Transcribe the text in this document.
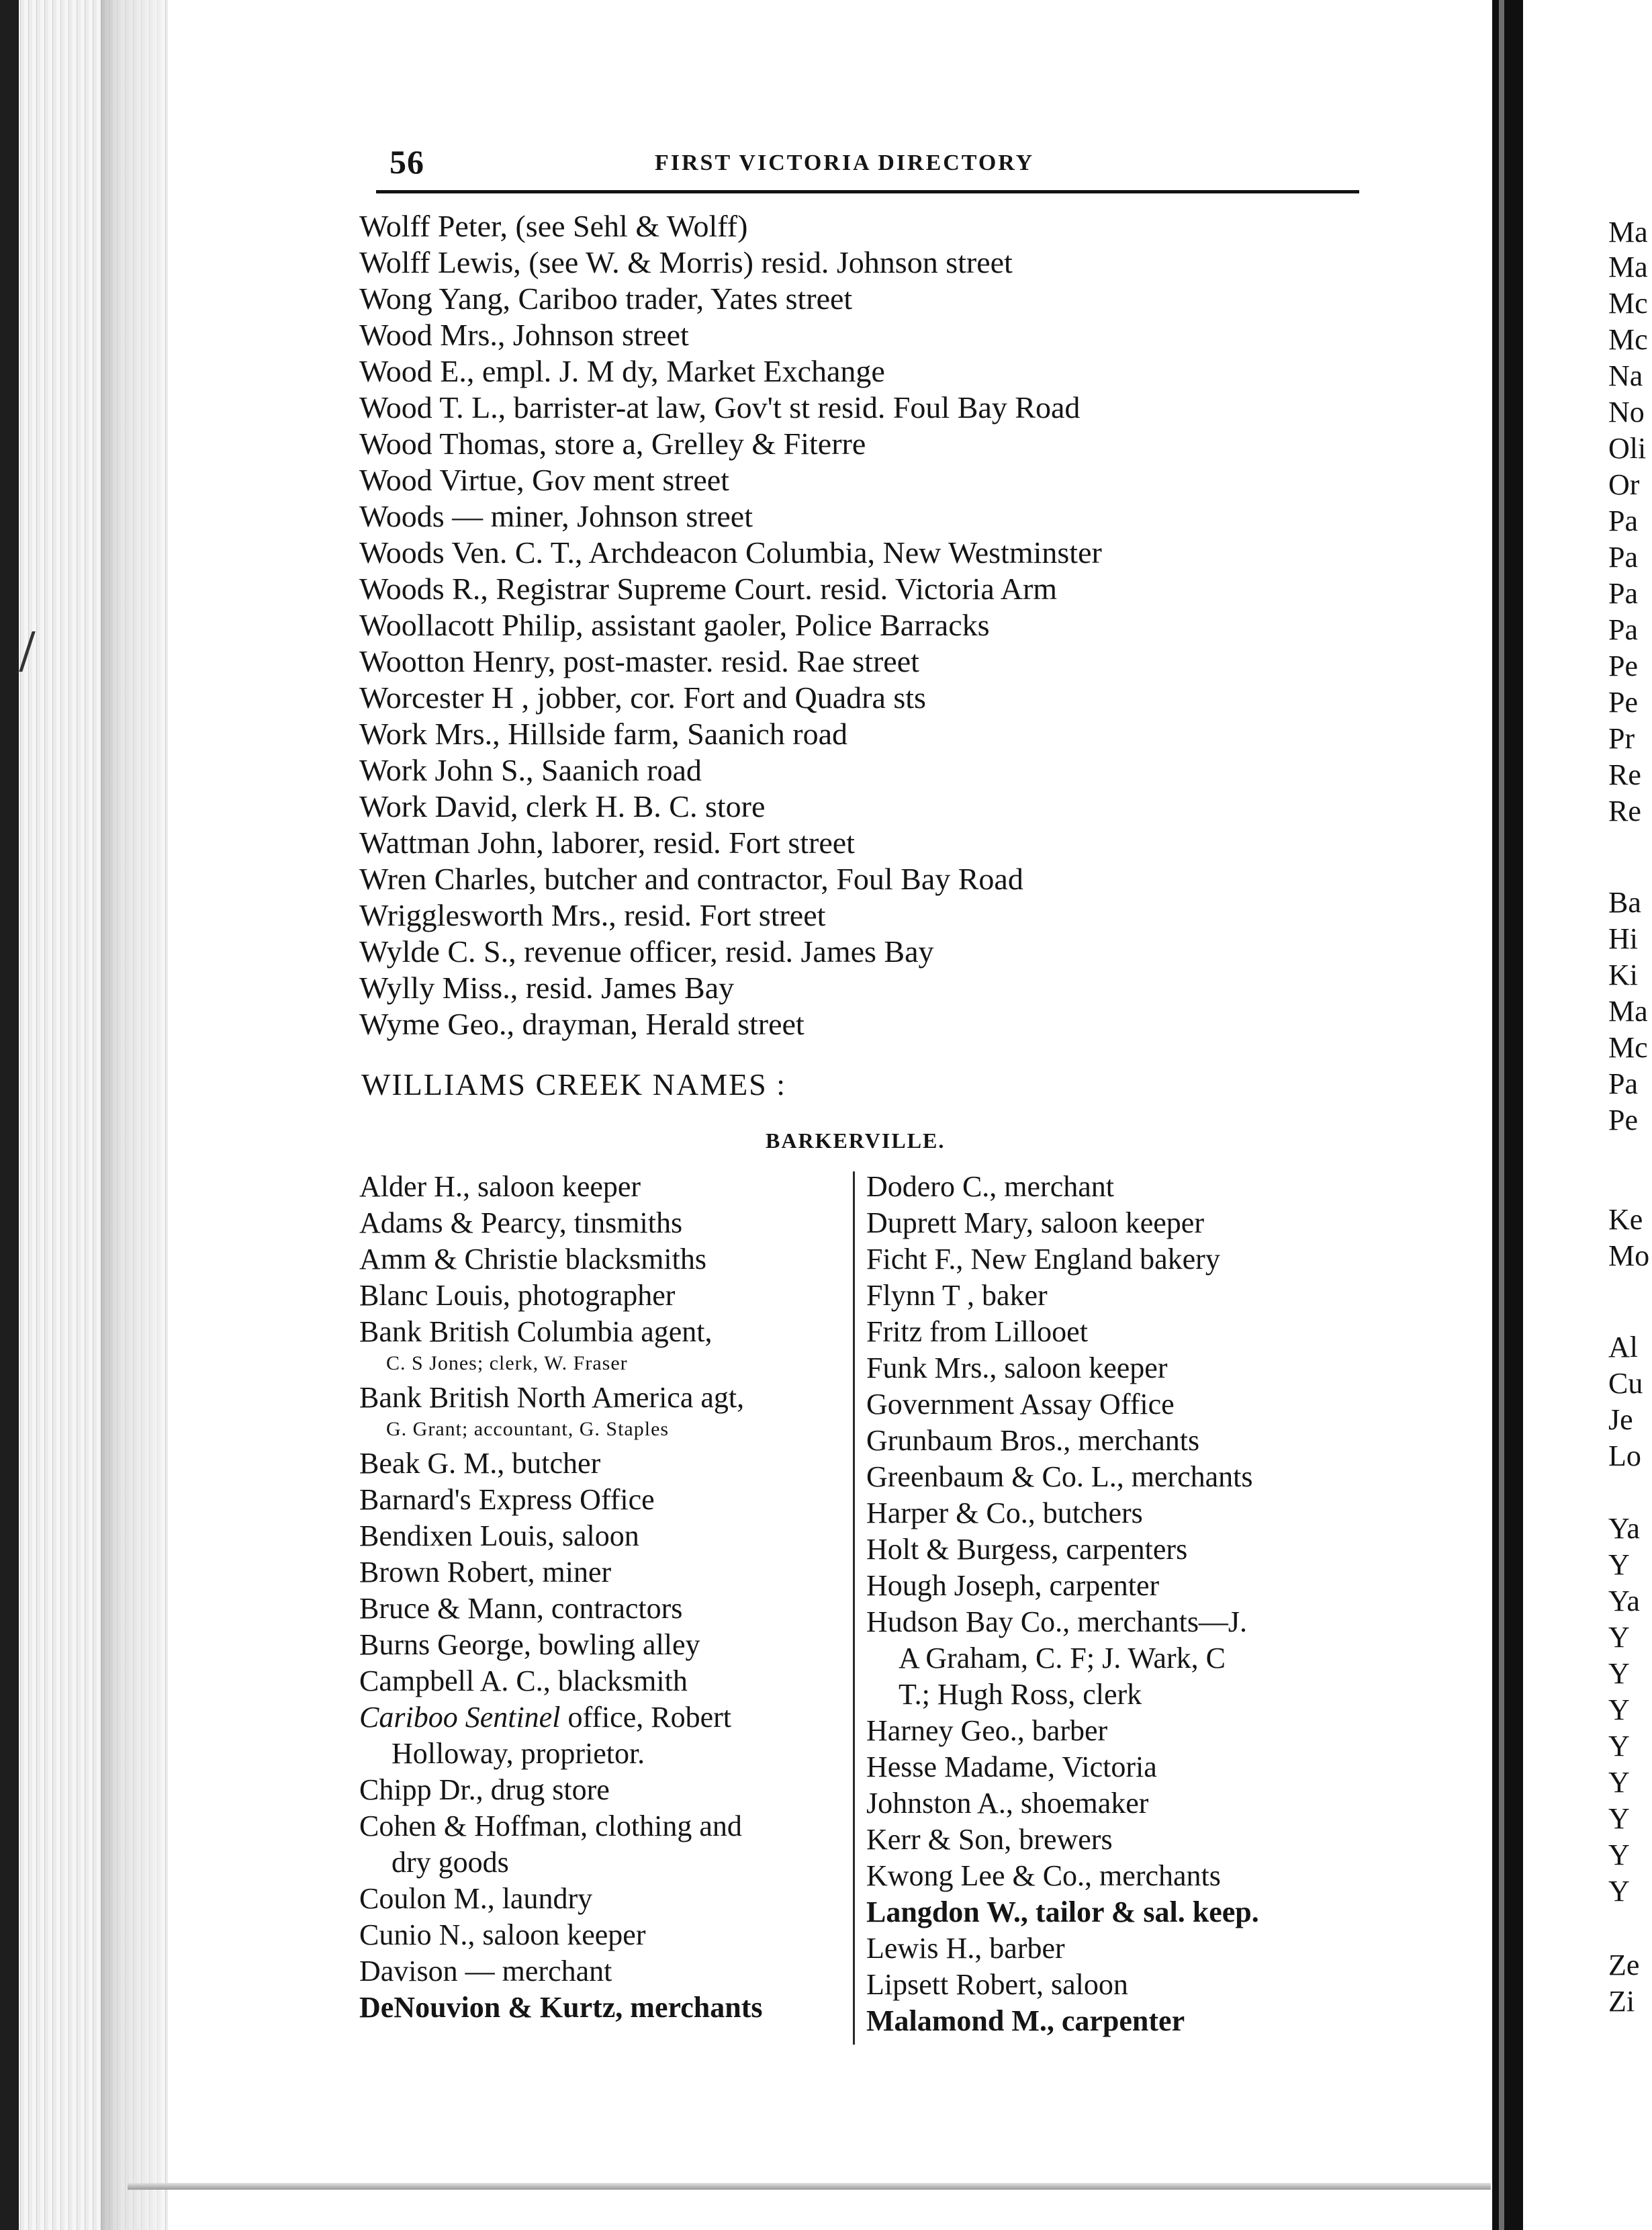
56	FIRST VICTORIA DIRECTORY
Wolff Peter, (see Sehl & Wolff)
Wolff Lewis, (see W. & Morris) resid. Johnson street
Wong Yang, Cariboo trader, Yates street
Wood Mrs., Johnson street
Wood E., empl. J. M dy, Market Exchange
Wood T. L., barrister-at law, Gov't st resid. Foul Bay Road
Wood Thomas, store a, Grelley & Fiterre
Wood Virtue, Gov ment street
Woods — miner, Johnson street
Woods Ven. C. T., Archdeacon Columbia, New Westminster
Woods R., Registrar Supreme Court. resid. Victoria Arm
Woollacott Philip, assistant gaoler, Police Barracks
Wootton Henry, post-master. resid. Rae street
Worcester H , jobber, cor. Fort and Quadra sts
Work Mrs., Hillside farm, Saanich road
Work John S., Saanich road
Work David, clerk H. B. C. store
Wattman John, laborer, resid. Fort street
Wren Charles, butcher and contractor, Foul Bay Road
Wrigglesworth Mrs., resid. Fort street
Wylde C. S., revenue officer, resid. James Bay
Wylly Miss., resid. James Bay
Wyme Geo., drayman, Herald street
WILLIAMS CREEK NAMES :
BARKERVILLE.
Alder H., saloon keeper
Adams & Pearcy, tinsmiths
Amm & Christie blacksmiths
Blanc Louis, photographer
Bank British Columbia agent,
C. S Jones; clerk, W. Fraser
Bank British North America agt,
G. Grant; accountant, G. Staples
Beak G. M., butcher
Barnard's Express Office
Bendixen Louis, saloon
Brown Robert, miner
Bruce & Mann, contractors
Burns George, bowling alley
Campbell A. C., blacksmith
Cariboo Sentinel office, Robert
Holloway, proprietor.
Chipp Dr., drug store
Cohen & Hoffman, clothing and
dry goods
Coulon M., laundry
Cunio N., saloon keeper
Davison — merchant
DeNouvion & Kurtz, merchants
Dodero C., merchant
Duprett Mary, saloon keeper
Ficht F., New England bakery
Flynn T , baker
Fritz from Lillooet
Funk Mrs., saloon keeper
Government Assay Office
Grunbaum Bros., merchants
Greenbaum & Co. L., merchants
Harper & Co., butchers
Holt & Burgess, carpenters
Hough Joseph, carpenter
Hudson Bay Co., merchants—J.
A Graham, C. F; J. Wark, C
T.; Hugh Ross, clerk
Harney Geo., barber
Hesse Madame, Victoria
Johnston A., shoemaker
Kerr & Son, brewers
Kwong Lee & Co., merchants
Langdon W., tailor & sal. keep.
Lewis H., barber
Lipsett Robert, saloon
Malamond M., carpenter
Ma
Ma
Mc
Mc
Na
No
Oli
Or
Pa
Pa
Pa
Pa
Pe
Pe
Pr
Re
Re
Ba
Hi
Ki
Ma
Mc
Pa
Pe
Ke
Mo
Al
Cu
Je
Lo
Ya
Y
Ya
Y
Y
Y
Y
Y
Y
Y
Y
Ze
Zi
